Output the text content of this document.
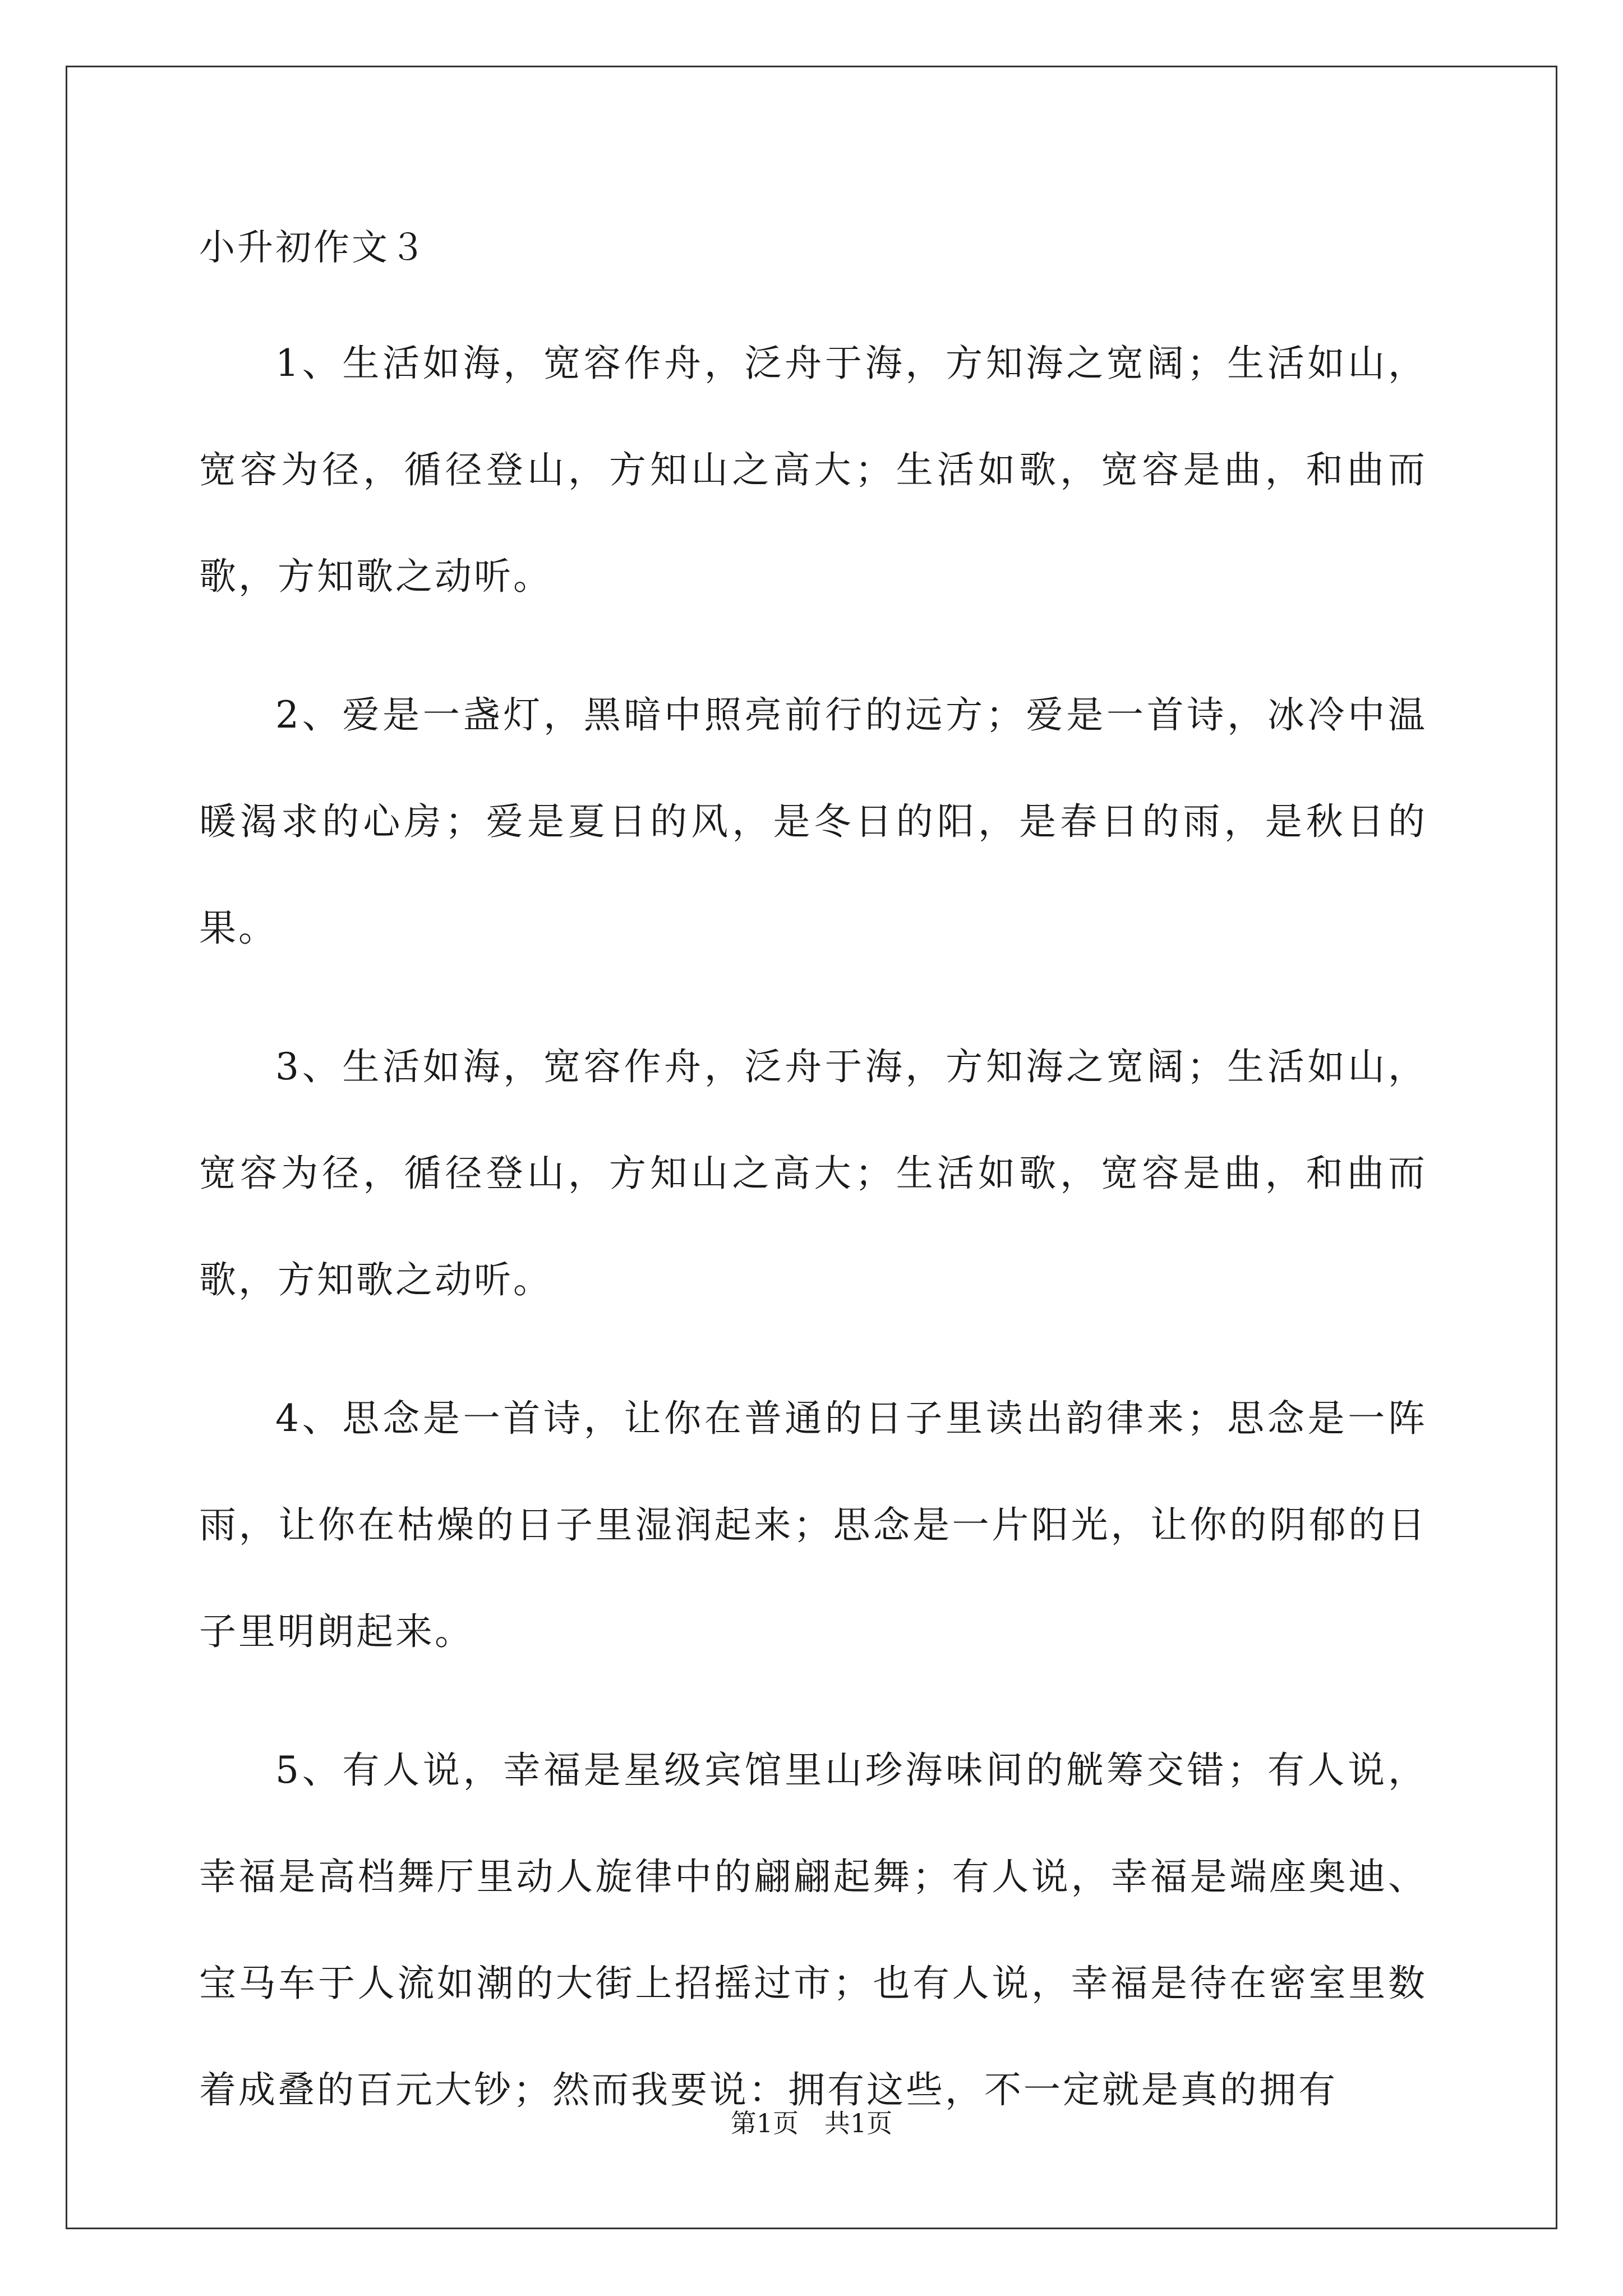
小升初作文３

1、生活如海，宽容作舟，泛舟于海，方知海之宽阔；生活如山，宽容为径，循径登山，方知山之高大；生活如歌，宽容是曲，和曲而歌，方知歌之动听。

2、爱是一盏灯，黑暗中照亮前行的远方；爱是一首诗，冰冷中温暖渴求的心房；爱是夏日的风，是冬日的阳，是春日的雨，是秋日的果。

3、生活如海，宽容作舟，泛舟于海，方知海之宽阔；生活如山，宽容为径，循径登山，方知山之高大；生活如歌，宽容是曲，和曲而歌，方知歌之动听。

4、思念是一首诗，让你在普通的日子里读出韵律来；思念是一阵雨，让你在枯燥的日子里湿润起来；思念是一片阳光，让你的阴郁的日子里明朗起来。

5、有人说，幸福是星级宾馆里山珍海味间的觥筹交错；有人说，幸福是高档舞厅里动人旋律中的翩翩起舞；有人说，幸福是端座奥迪、宝马车于人流如潮的大街上招摇过市；也有人说，幸福是待在密室里数着成叠的百元大钞；然而我要说：拥有这些，不一定就是真的拥有

第1页　共1页
